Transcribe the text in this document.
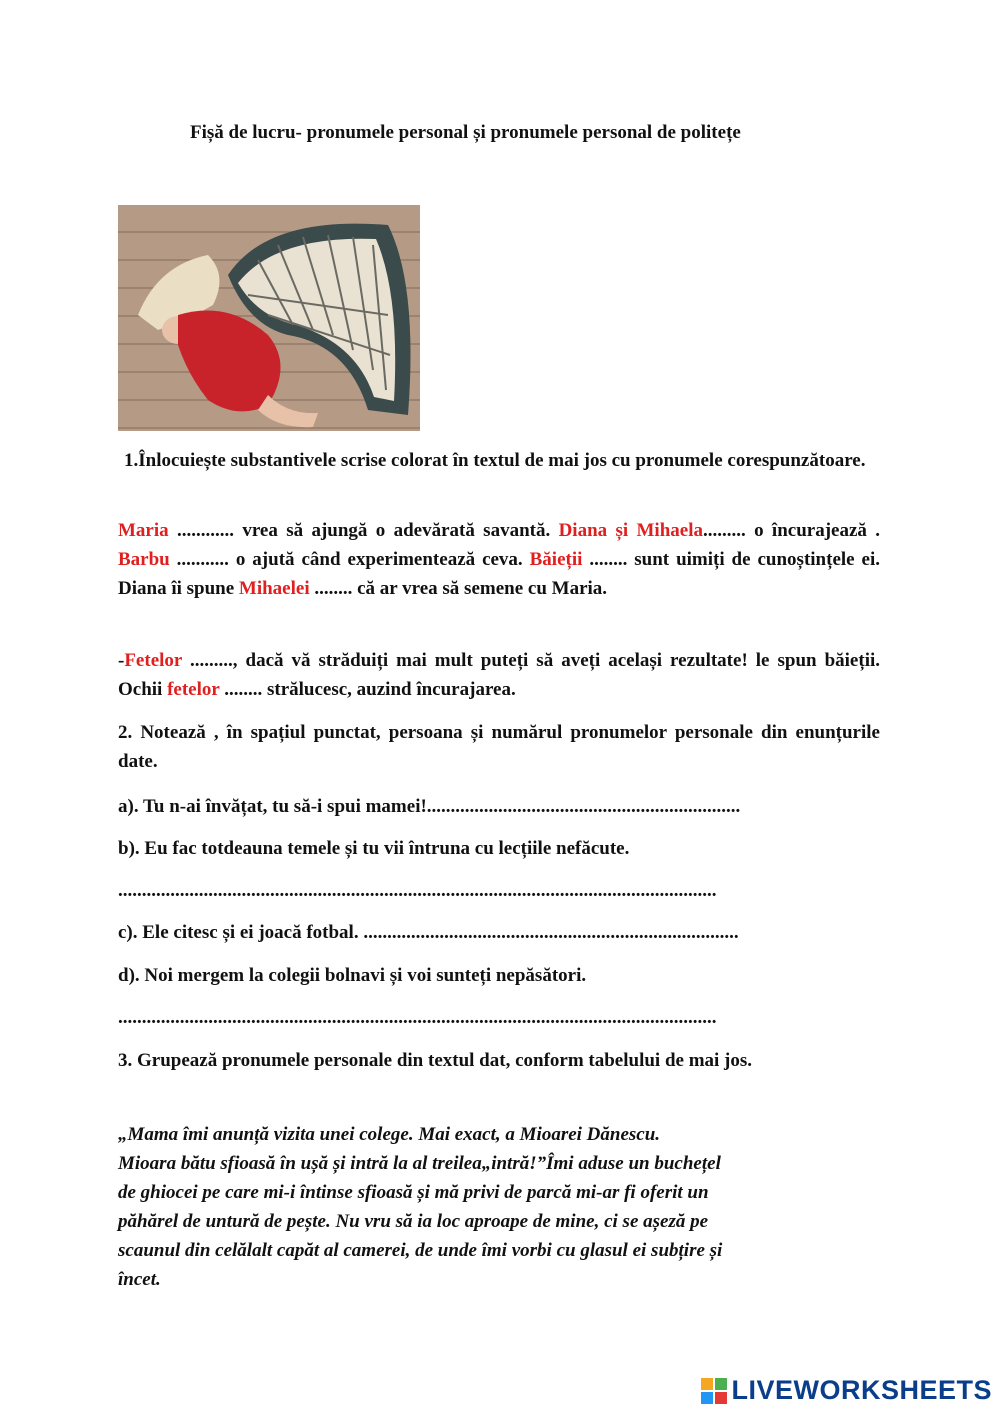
Fișă de lucru- pronumele personal și pronumele personal de politețe
1.Înlocuiește substantivele scrise colorat în textul de mai jos cu pronumele corespunzătoare.
Maria ............ vrea să ajungă o adevărată savantă. Diana și Mihaela......... o încurajează . Barbu ........... o ajută când experimentează ceva. Băieții ........ sunt uimiți de cunoștințele ei. Diana îi spune Mihaelei ........ că ar vrea să semene cu Maria.
-Fetelor ........., dacă vă străduiți mai mult puteți să aveți același rezultate! le spun băieții. Ochii fetelor ........ strălucesc, auzind încurajarea.
2. Notează , în spațiul punctat, persoana și numărul pronumelor personale din enunțurile date.
a). Tu n-ai învățat, tu să-i spui mamei!..................................................................
b). Eu fac totdeauna temele și tu vii întruna cu lecțiile nefăcute.
..............................................................................................................................
c). Ele citesc și ei joacă fotbal. ...............................................................................
d). Noi mergem la colegii bolnavi și voi sunteți nepăsători.
..............................................................................................................................
3. Grupează pronumele personale din textul dat, conform tabelului de mai jos.
„Mama îmi anunță vizita unei colege. Mai exact, a Mioarei Dănescu.
Mioara bătu sfioasă în ușă și intră la al treilea„intră!”Îmi aduse un buchețel
de ghiocei pe care mi-i întinse sfioasă și mă privi de parcă mi-ar fi oferit un
păhărel de untură de pește. Nu vru să ia loc aproape de mine, ci se așeză pe
scaunul din celălalt capăt al camerei, de unde îmi vorbi cu glasul ei subțire și
încet.
LIVEWORKSHEETS
